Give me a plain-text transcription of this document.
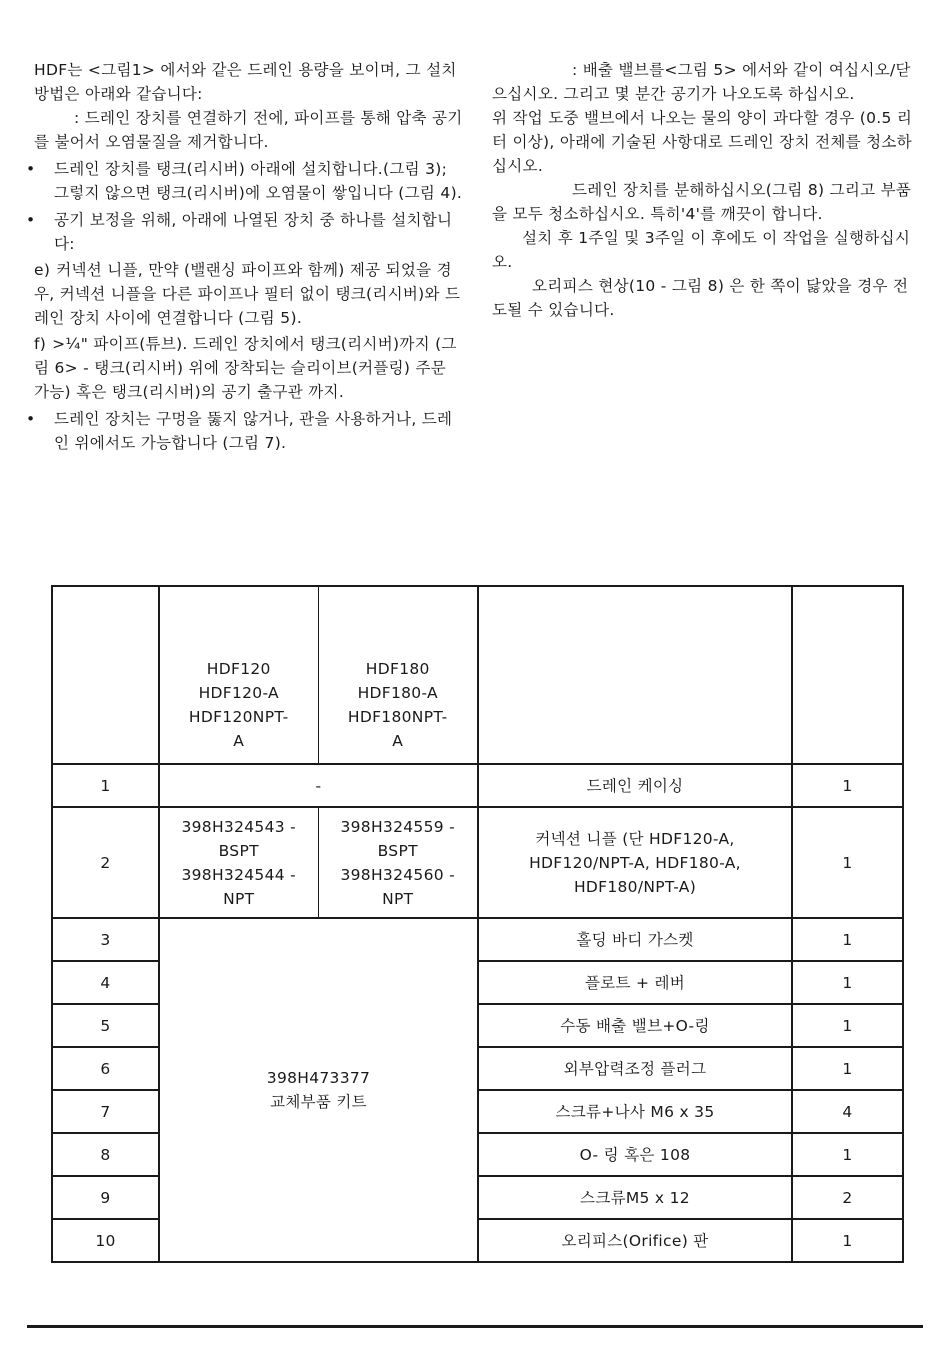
HDF는 <그림1> 에서와 같은 드레인 용량을 보이며, 그 설치방법은 아래와 같습니다:

: 드레인 장치를 연결하기 전에, 파이프를 통해 압축 공기를 불어서 오염물질을 제거합니다.

•	드레인 장치를 탱크(리시버) 아래에 설치합니다.(그림 3); 그렇지 않으면 탱크(리시버)에 오염물이 쌓입니다 (그림 4).

•	공기 보정을 위해, 아래에 나열된 장치 중 하나를 설치합니다:

e) 커넥션 니플, 만약 (밸랜싱 파이프와 함께) 제공 되었을 경우, 커넥션 니플을 다른 파이프나 필터 없이 탱크(리시버)와 드레인 장치 사이에 연결합니다 (그림 5).

f) >¼" 파이프(튜브). 드레인 장치에서 탱크(리시버)까지 (그림 6> - 탱크(리시버) 위에 장착되는 슬리이브(커플링) 주문 가능) 혹은 탱크(리시버)의 공기 출구관 까지.

•	드레인 장치는 구멍을 뚫지 않거나, 관을 사용하거나, 드레인 위에서도 가능합니다 (그림 7).

: 배출 밸브를<그림 5> 에서와 같이 여십시오/닫으십시오. 그리고 몇 분간 공기가 나오도록 하십시오.

위 작업 도중 밸브에서 나오는 물의 양이 과다할 경우 (0.5 리터 이상), 아래에 기술된 사항대로 드레인 장치 전체를 청소하십시오.

드레인 장치를 분해하십시오(그림 8) 그리고 부품을 모두 청소하십시오. 특히'4'를 깨끗이 합니다.

설치 후 1주일 및 3주일 이 후에도 이 작업을 실행하십시오.

오리피스 현상(10 - 그림 8) 은 한 쪽이 닳았을 경우 전도될 수 있습니다.

	HDF120
HDF120-A
HDF120NPT-
A	HDF180
HDF180-A
HDF180NPT-
A		

1	-		드레인 케이싱	1
2	398H324543 -
BSPT
398H324544 -
NPT	398H324559 -
BSPT
398H324560 -
NPT	커넥션 니플 (단 HDF120-A,
HDF120/NPT-A, HDF180-A,
HDF180/NPT-A)	1
3	398H473377
교체부품 키트		홀딩 바디 가스켓	1
4			플로트 + 레버	1
5			수동 배출 밸브+O-링	1
6			외부압력조정 플러그	1
7			스크류+나사 M6 x 35	4
8			O- 링 혹은 108	1
9			스크류M5 x 12	2
10			오리피스(Orifice) 판	1
